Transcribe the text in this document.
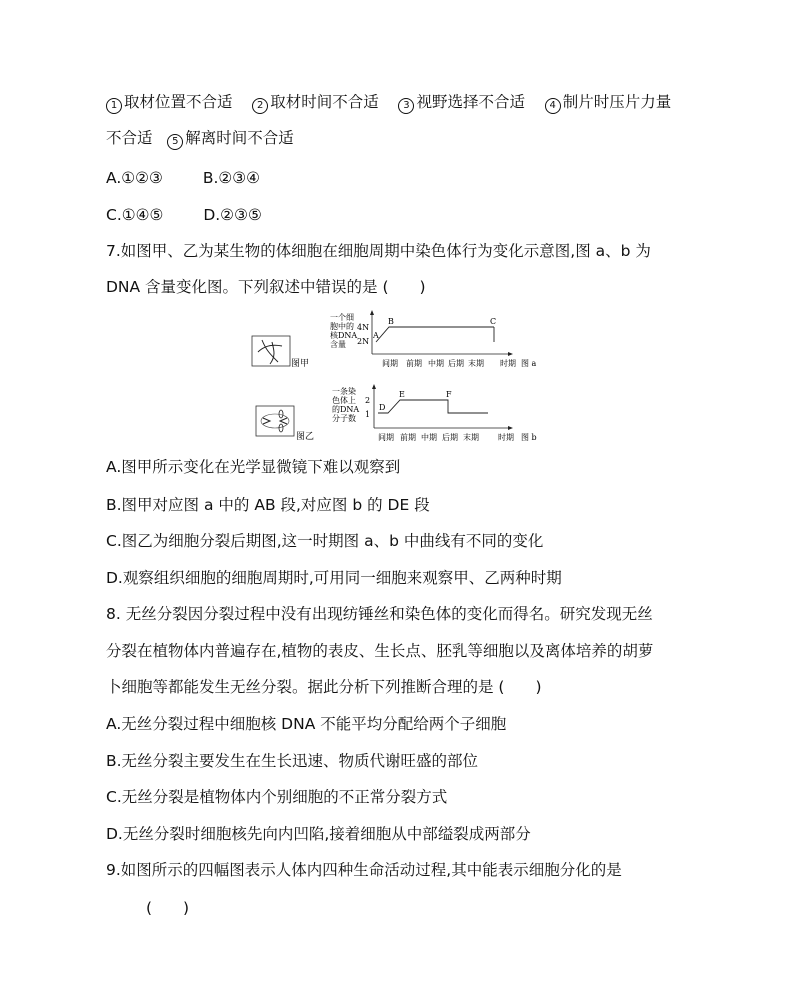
1 取材位置不合适 2 取材时间不合适 3 视野选择不合适 4 制片时压片力量
不合适 5 解离时间不合适
A.①②③	B.②③④
C.①④⑤	D.②③⑤
7.如图甲、乙为某生物的体细胞在细胞周期中染色体行为变化示意图,图 a、b 为
DNA 含量变化图。下列叙述中错误的是 (　　)
图甲
一个细
胞中的
核DNA
含量
4N
2N
A
B	C
间期 前期 中期 后期 末期 时期 图 a
图乙
一条染
色体上
的DNA
分子数
2
1
D
E	F
间期 前期 中期 后期 末期 时期 图 b
A.图甲所示变化在光学显微镜下难以观察到
B.图甲对应图 a 中的 AB 段,对应图 b 的 DE 段
C.图乙为细胞分裂后期图,这一时期图 a、b 中曲线有不同的变化
D.观察组织细胞的细胞周期时,可用同一细胞来观察甲、乙两种时期
8. 无丝分裂因分裂过程中没有出现纺锤丝和染色体的变化而得名。研究发现无丝
分裂在植物体内普遍存在,植物的表皮、生长点、胚乳等细胞以及离体培养的胡萝
卜细胞等都能发生无丝分裂。据此分析下列推断合理的是 (　　)
A.无丝分裂过程中细胞核 DNA 不能平均分配给两个子细胞
B.无丝分裂主要发生在生长迅速、物质代谢旺盛的部位
C.无丝分裂是植物体内个别细胞的不正常分裂方式
D.无丝分裂时细胞核先向内凹陷,接着细胞从中部缢裂成两部分
9.如图所示的四幅图表示人体内四种生命活动过程,其中能表示细胞分化的是
(　　)
